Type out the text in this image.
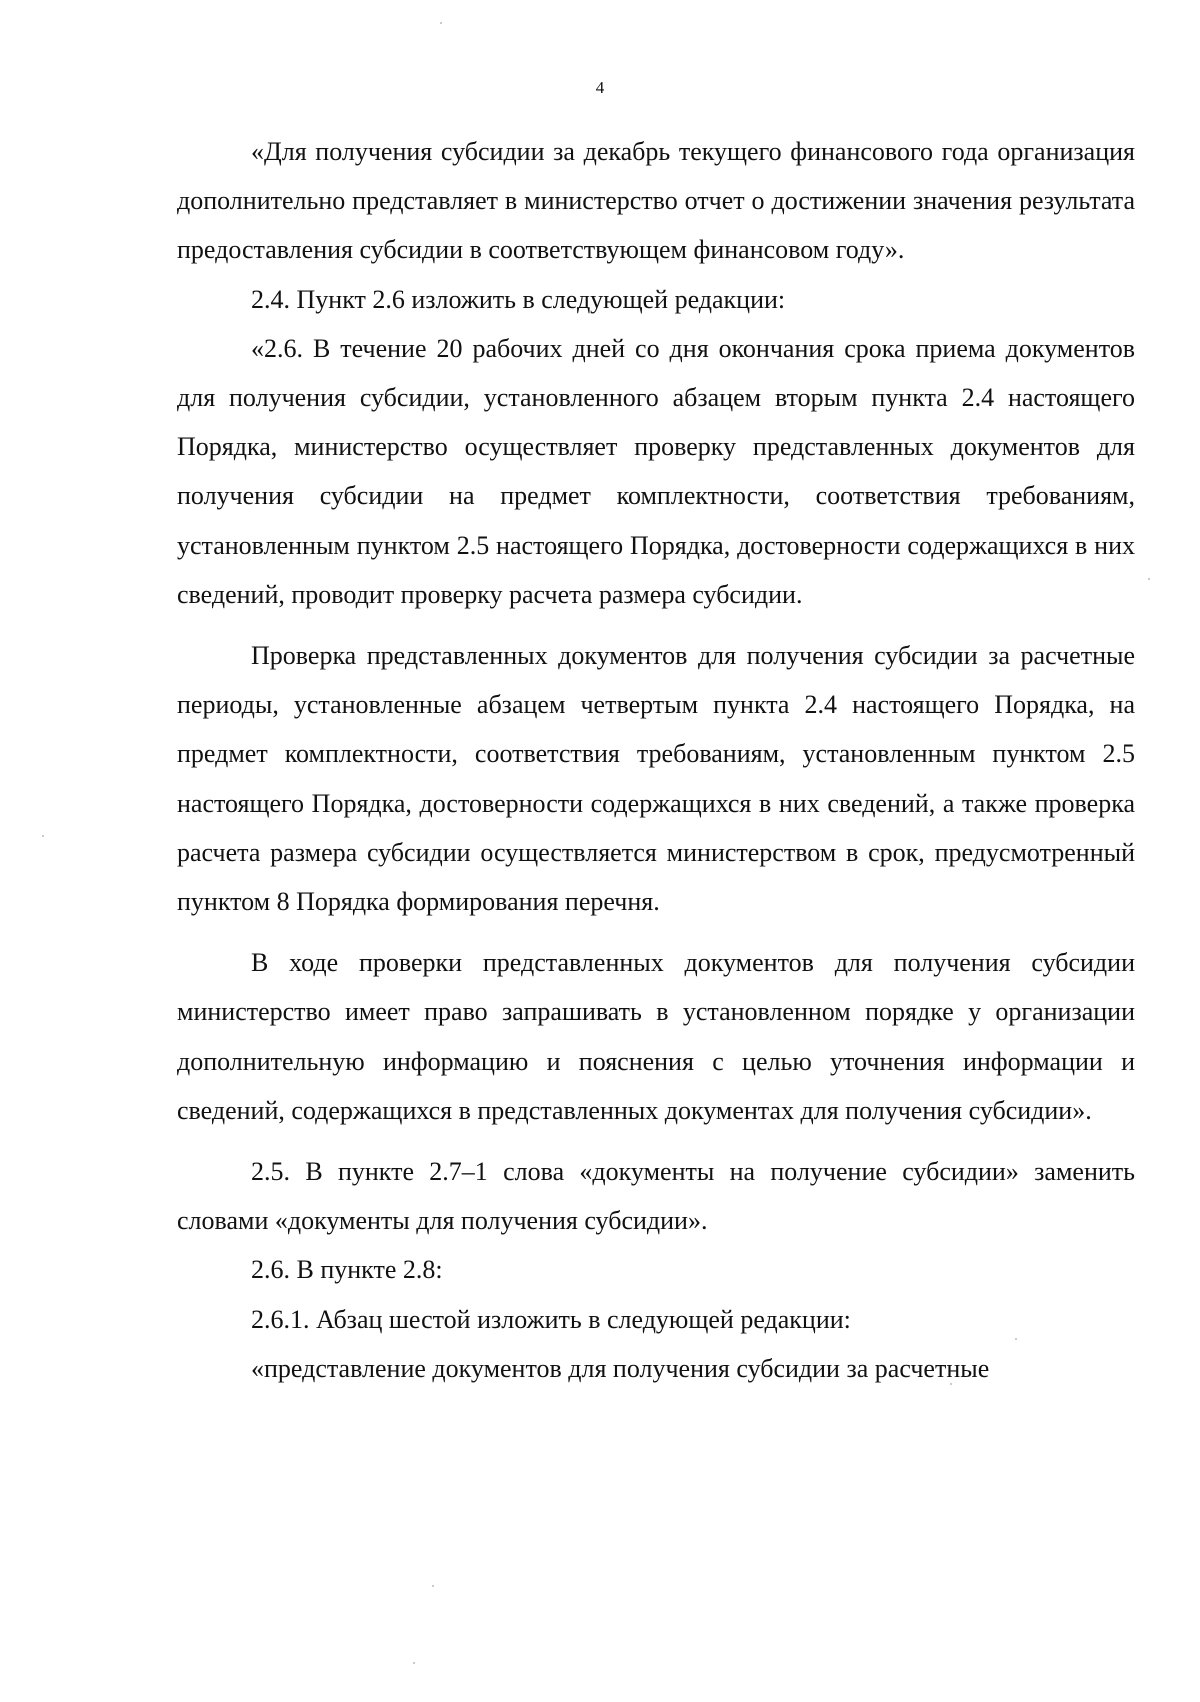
4

«Для получения субсидии за декабрь текущего финансового года организация дополнительно представляет в министерство отчет о достижении значения результата предоставления субсидии в соответствующем финансовом году».

2.4. Пункт 2.6 изложить в следующей редакции:

«2.6. В течение 20 рабочих дней со дня окончания срока приема документов для получения субсидии, установленного абзацем вторым пункта 2.4 настоящего Порядка, министерство осуществляет проверку представленных документов для получения субсидии на предмет комплектности, соответствия требованиям, установленным пунктом 2.5 настоящего Порядка, достоверности содержащихся в них сведений, проводит проверку расчета размера субсидии.

Проверка представленных документов для получения субсидии за расчетные периоды, установленные абзацем четвертым пункта 2.4 настоящего Порядка, на предмет комплектности, соответствия требованиям, установленным пунктом 2.5 настоящего Порядка, достоверности содержащихся в них сведений, а также проверка расчета размера субсидии осуществляется министерством в срок, предусмотренный пунктом 8 Порядка формирования перечня.

В ходе проверки представленных документов для получения субсидии министерство имеет право запрашивать в установленном порядке у организации дополнительную информацию и пояснения с целью уточнения информации и сведений, содержащихся в представленных документах для получения субсидии».

2.5. В пункте 2.7–1 слова «документы на получение субсидии» заменить словами «документы для получения субсидии».

2.6. В пункте 2.8:

2.6.1. Абзац шестой изложить в следующей редакции:

«представление документов для получения субсидии за расчетные
